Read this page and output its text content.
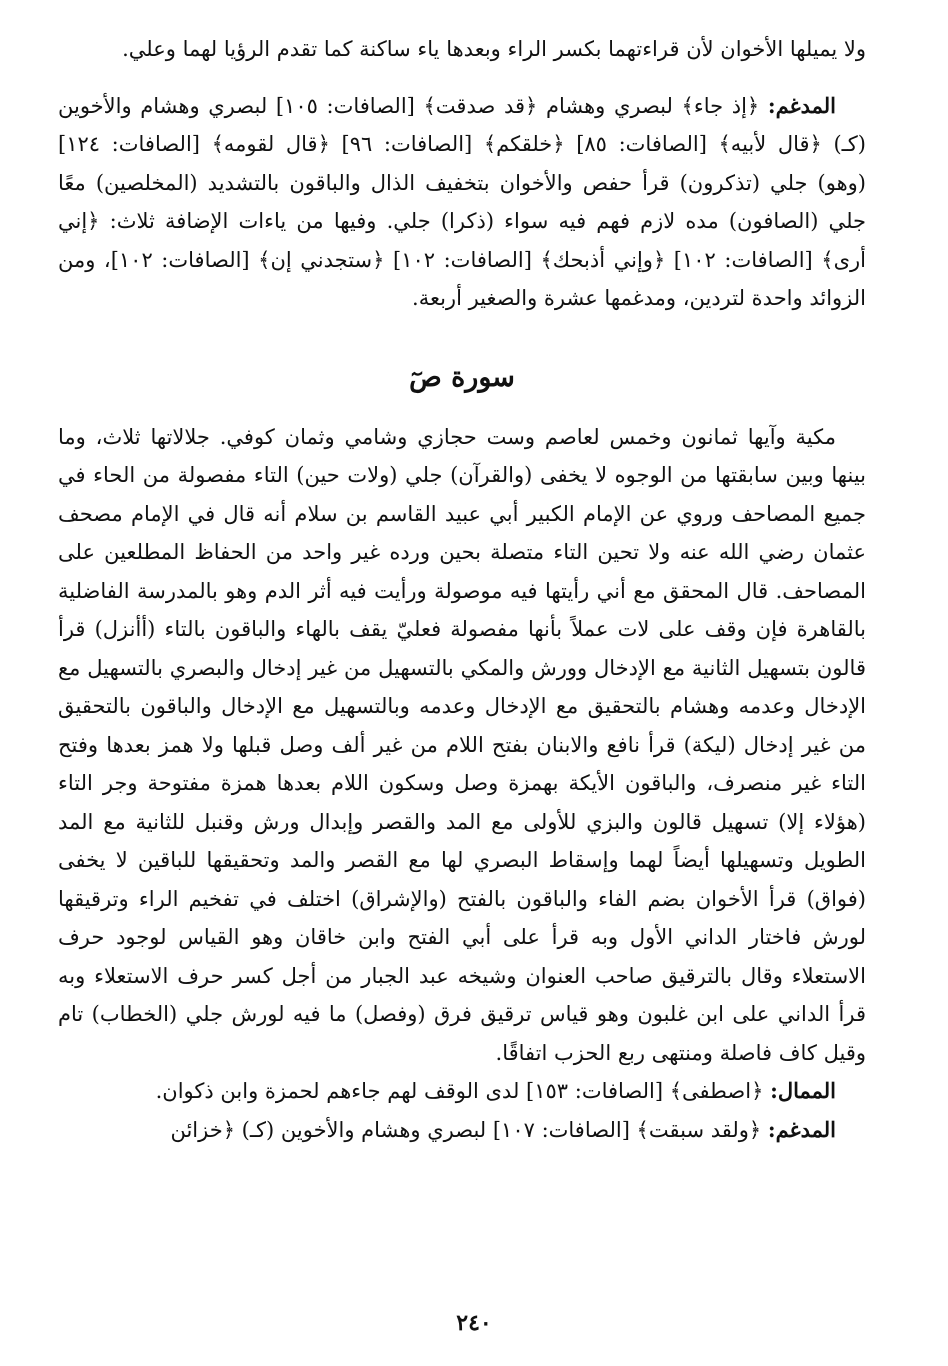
ولا يميلها الأخوان لأن قراءتهما بكسر الراء وبعدها ياء ساكنة كما تقدم الرؤيا لهما وعلي.

المدغم: ﴿إذ جاء﴾ لبصري وهشام ﴿قد صدقت﴾ [الصافات: ١٠٥] لبصري وهشام والأخوين (كـ) ﴿قال لأبيه﴾ [الصافات: ٨٥] ﴿خلقكم﴾ [الصافات: ٩٦] ﴿قال لقومه﴾ [الصافات: ١٢٤] (وهو) جلي (تذكرون) قرأ حفص والأخوان بتخفيف الذال والباقون بالتشديد (المخلصين) معًا جلي (الصافون) مده لازم فهم فيه سواء (ذكرا) جلي. وفيها من ياءات الإضافة ثلاث: ﴿إني أرى﴾ [الصافات: ١٠٢] ﴿وإني أذبحك﴾ [الصافات: ١٠٢] ﴿ستجدني إن﴾ [الصافات: ١٠٢]، ومن الزوائد واحدة لتردين، ومدغمها عشرة والصغير أربعة.

سورة صٓ

مكية وآيها ثمانون وخمس لعاصم وست حجازي وشامي وثمان كوفي. جلالاتها ثلاث، وما بينها وبين سابقتها من الوجوه لا يخفى (والقرآن) جلي (ولات حين) التاء مفصولة من الحاء في جميع المصاحف وروي عن الإمام الكبير أبي عبيد القاسم بن سلام أنه قال في الإمام مصحف عثمان رضي الله عنه ولا تحين التاء متصلة بحين ورده غير واحد من الحفاظ المطلعين على المصاحف. قال المحقق مع أني رأيتها فيه موصولة ورأيت فيه أثر الدم وهو بالمدرسة الفاضلية بالقاهرة فإن وقف على لات عملاً بأنها مفصولة فعليّ يقف بالهاء والباقون بالتاء (أأنزل) قرأ قالون بتسهيل الثانية مع الإدخال وورش والمكي بالتسهيل من غير إدخال والبصري بالتسهيل مع الإدخال وعدمه وهشام بالتحقيق مع الإدخال وعدمه وبالتسهيل مع الإدخال والباقون بالتحقيق من غير إدخال (ليكة) قرأ نافع والابنان بفتح اللام من غير ألف وصل قبلها ولا همز بعدها وفتح التاء غير منصرف، والباقون الأيكة بهمزة وصل وسكون اللام بعدها همزة مفتوحة وجر التاء (هؤلاء إلا) تسهيل قالون والبزي للأولى مع المد والقصر وإبدال ورش وقنبل للثانية مع المد الطويل وتسهيلها أيضاً لهما وإسقاط البصري لها مع القصر والمد وتحقيقها للباقين لا يخفى (فواق) قرأ الأخوان بضم الفاء والباقون بالفتح (والإشراق) اختلف في تفخيم الراء وترقيقها لورش فاختار الداني الأول وبه قرأ على أبي الفتح وابن خاقان وهو القياس لوجود حرف الاستعلاء وقال بالترقيق صاحب العنوان وشيخه عبد الجبار من أجل كسر حرف الاستعلاء وبه قرأ الداني على ابن غلبون وهو قياس ترقيق فرق (وفصل) ما فيه لورش جلي (الخطاب) تام وقيل كاف فاصلة ومنتهى ربع الحزب اتفاقًا.

الممال: ﴿اصطفى﴾ [الصافات: ١٥٣] لدى الوقف لهم جاءهم لحمزة وابن ذكوان.

المدغم: ﴿ولقد سبقت﴾ [الصافات: ١٠٧] لبصري وهشام والأخوين (كـ) ﴿خزائن

٢٤٠
